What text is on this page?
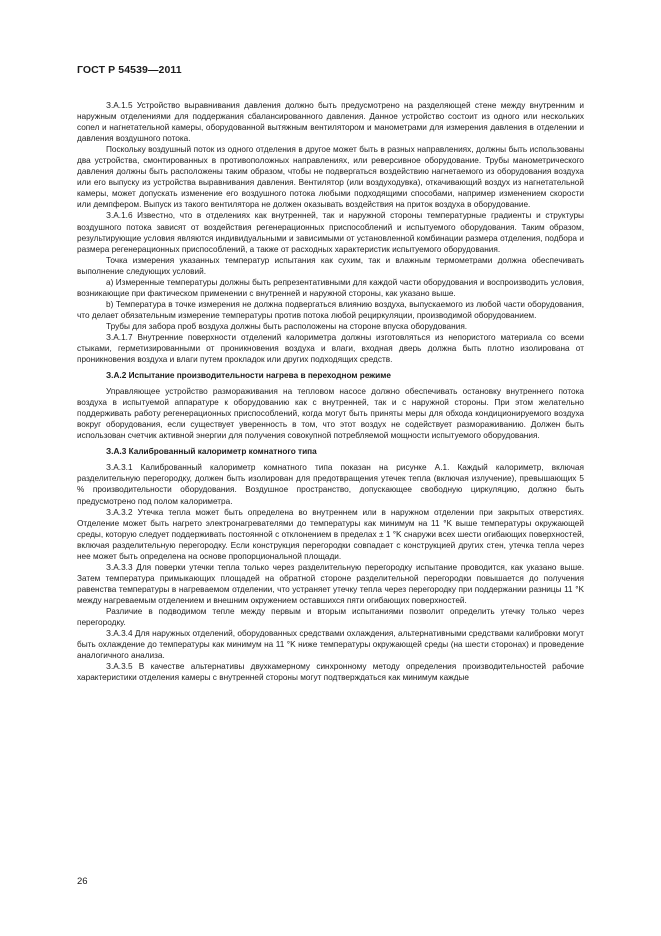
ГОСТ Р 54539—2011

З.А.1.5 Устройство выравнивания давления должно быть предусмотрено на разделяющей стене между внутренним и наружным отделениями для поддержания сбалансированного давления. Данное устройство состоит из одного или нескольких сопел и нагнетательной камеры, оборудованной вытяжным вентилятором и манометрами для измерения давления в отделении и давления воздушного потока.

Поскольку воздушный поток из одного отделения в другое может быть в разных направлениях, должны быть использованы два устройства, смонтированных в противоположных направлениях, или реверсивное оборудование. Трубы манометрического давления должны быть расположены таким образом, чтобы не подвергаться воздействию нагнетаемого из оборудования воздуха или его выпуску из устройства выравнивания давления. Вентилятор (или воздуходувка), откачивающий воздух из нагнетательной камеры, может допускать изменение его воздушного потока любыми подходящими способами, например изменением скорости или демпфером. Выпуск из такого вентилятора не должен оказывать воздействия на приток воздуха в оборудование.

З.А.1.6 Известно, что в отделениях как внутренней, так и наружной стороны температурные градиенты и структуры воздушного потока зависят от воздействия регенерационных приспособлений и испытуемого оборудования. Таким образом, результирующие условия являются индивидуальными и зависимыми от установленной комбинации размера отделения, подбора и размера регенерационных приспособлений, а также от расходных характеристик испытуемого оборудования.

Точка измерения указанных температур испытания как сухим, так и влажным термометрами должна обеспечивать выполнение следующих условий.

а) Измеренные температуры должны быть репрезентативными для каждой части оборудования и воспроизводить условия, возникающие при фактическом применении с внутренней и наружной стороны, как указано выше.

b) Температура в точке измерения не должна подвергаться влиянию воздуха, выпускаемого из любой части оборудования, что делает обязательным измерение температуры против потока любой рециркуляции, производимой оборудованием.

Трубы для забора проб воздуха должны быть расположены на стороне впуска оборудования.

З.А.1.7 Внутренние поверхности отделений калориметра должны изготовляться из непористого материала со всеми стыками, герметизированными от проникновения воздуха и влаги, входная дверь должна быть плотно изолирована от проникновения воздуха и влаги путем прокладок или других подходящих средств.

З.А.2 Испытание производительности нагрева в переходном режиме

Управляющее устройство размораживания на тепловом насосе должно обеспечивать остановку внутреннего потока воздуха в испытуемой аппаратуре к оборудованию как с внутренней, так и с наружной стороны. При этом желательно поддерживать работу регенерационных приспособлений, когда могут быть приняты меры для обхода кондиционируемого воздуха вокруг оборудования, если существует уверенность в том, что этот воздух не содействует размораживанию. Должен быть использован счетчик активной энергии для получения совокупной потребляемой мощности испытуемого оборудования.

З.А.3 Калиброванный калориметр комнатного типа

З.А.3.1 Калиброванный калориметр комнатного типа показан на рисунке А.1. Каждый калориметр, включая разделительную перегородку, должен быть изолирован для предотвращения утечек тепла (включая излучение), превышающих 5 % производительности оборудования. Воздушное пространство, допускающее свободную циркуляцию, должно быть предусмотрено под полом калориметра.

З.А.3.2 Утечка тепла может быть определена во внутреннем или в наружном отделении при закрытых отверстиях. Отделение может быть нагрето электронагревателями до температуры как минимум на 11 °K выше температуры окружающей среды, которую следует поддерживать постоянной с отклонением в пределах ± 1 °K снаружи всех шести огибающих поверхностей, включая разделительную перегородку. Если конструкция перегородки совпадает с конструкцией других стен, утечка тепла через нее может быть определена на основе пропорциональной площади.

З.А.3.3 Для поверки утечки тепла только через разделительную перегородку испытание проводится, как указано выше. Затем температура примыкающих площадей на обратной стороне разделительной перегородки повышается до получения равенства температуры в нагреваемом отделении, что устраняет утечку тепла через перегородку при поддержании разницы 11 °K между нагреваемым отделением и внешним окружением оставшихся пяти огибающих поверхностей.

Различие в подводимом тепле между первым и вторым испытаниями позволит определить утечку только через перегородку.

З.А.3.4 Для наружных отделений, оборудованных средствами охлаждения, альтернативными средствами калибровки могут быть охлаждение до температуры как минимум на 11 °K ниже температуры окружающей среды (на шести сторонах) и проведение аналогичного анализа.

З.А.3.5 В качестве альтернативы двухкамерному синхронному методу определения производительностей рабочие характеристики отделения камеры с внутренней стороны могут подтверждаться как минимум каждые

26
